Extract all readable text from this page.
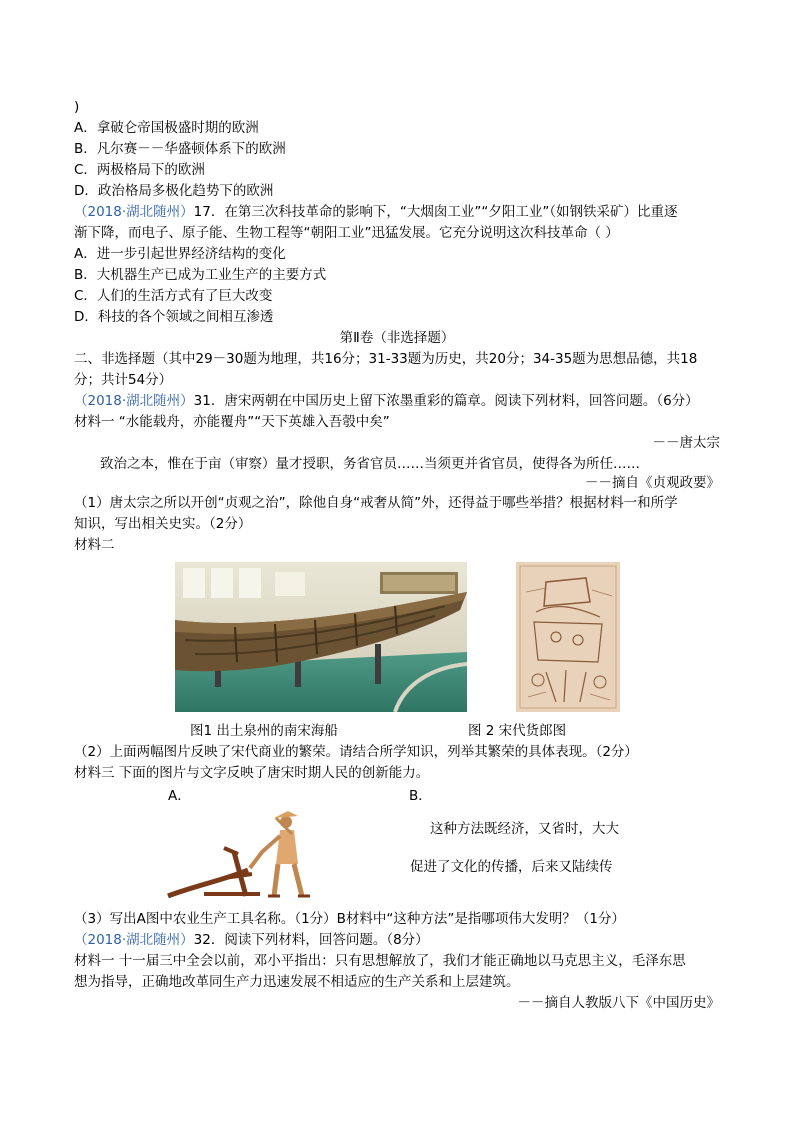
)
A．拿破仑帝国极盛时期的欧洲
B．凡尔赛－－华盛顿体系下的欧洲
C．两极格局下的欧洲
D．政治格局多极化趋势下的欧洲
（2018·湖北随州）17．在第三次科技革命的影响下，“大烟囱工业”“夕阳工业”（如钢铁采矿）比重逐
渐下降，而电子、原子能、生物工程等“朝阳工业”迅猛发展。它充分说明这次科技革命（ ）
A．进一步引起世界经济结构的变化
B．大机器生产已成为工业生产的主要方式
C．人们的生活方式有了巨大改变
D．科技的各个领域之间相互渗透
第Ⅱ卷（非选择题）
二、非选择题（其中29－30题为地理，共16分；31-33题为历史，共20分；34-35题为思想品德，共18
分；共计54分）
（2018·湖北随州）31．唐宋两朝在中国历史上留下浓墨重彩的篇章。阅读下列材料，回答问题。（6分）
材料一 “水能载舟，亦能覆舟”“天下英雄入吾彀中矣”
－－唐太宗
致治之本，惟在于亩（审察）量才授职，务省官员……当须更并省官员，使得各为所任……
－－摘自《贞观政要》
（1）唐太宗之所以开创“贞观之治”，除他自身“戒奢从简”外，还得益于哪些举措？根据材料一和所学
知识，写出相关史实。（2分）
材料二
图1 出土泉州的南宋海船	图 2 宋代货郎图
（2）上面两幅图片反映了宋代商业的繁荣。请结合所学知识，列举其繁荣的具体表现。（2分）
材料三 下面的图片与文字反映了唐宋时期人民的创新能力。
A．	B．
这种方法既经济，又省时，大大
促进了文化的传播，后来又陆续传
（3）写出A图中农业生产工具名称。（1分）B材料中“这种方法”是指哪项伟大发明？（1分）
（2018·湖北随州）32．阅读下列材料，回答问题。（8分）
材料一 十一届三中全会以前，邓小平指出：只有思想解放了，我们才能正确地以马克思主义，毛泽东思
想为指导，正确地改革同生产力迅速发展不相适应的生产关系和上层建筑。
－－摘自人教版八下《中国历史》
